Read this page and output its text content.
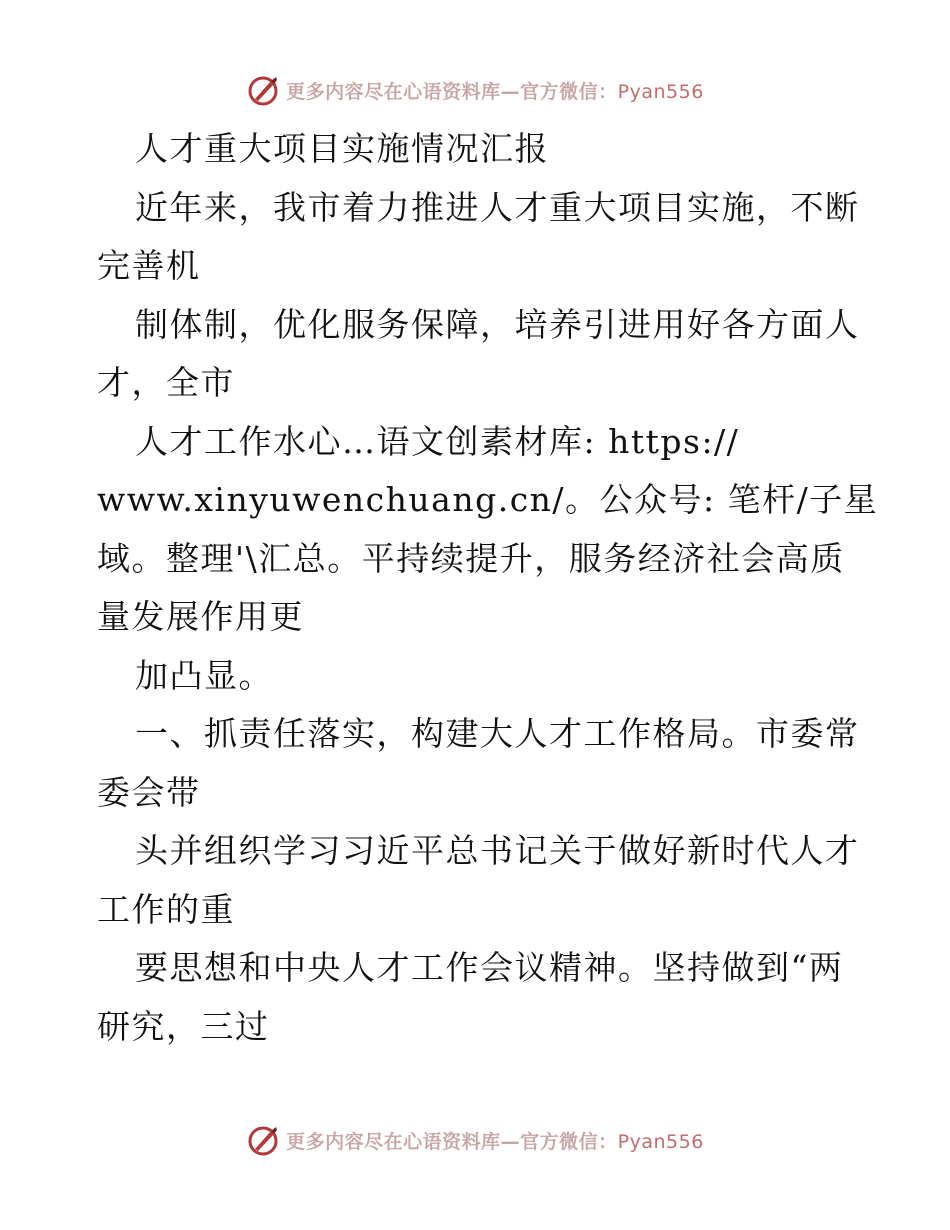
更多内容尽在心语资料库—官方微信：Pyan556
人才重大项目实施情况汇报
近年来，我市着力推进人才重大项目实施，不断
完善机
制体制，优化服务保障，培养引进用好各方面人
才，全市
人才工作水心…语文创素材库: https://
www.xinyuwenchuang.cn/。公众号: 笔杆/子星
域。整理'\汇总。平持续提升，服务经济社会高质
量发展作用更
加凸显。
一、抓责任落实，构建大人才工作格局。市委常
委会带
头并组织学习习近平总书记关于做好新时代人才
工作的重
要思想和中央人才工作会议精神。坚持做到“两
研究，三过
更多内容尽在心语资料库—官方微信：Pyan556
